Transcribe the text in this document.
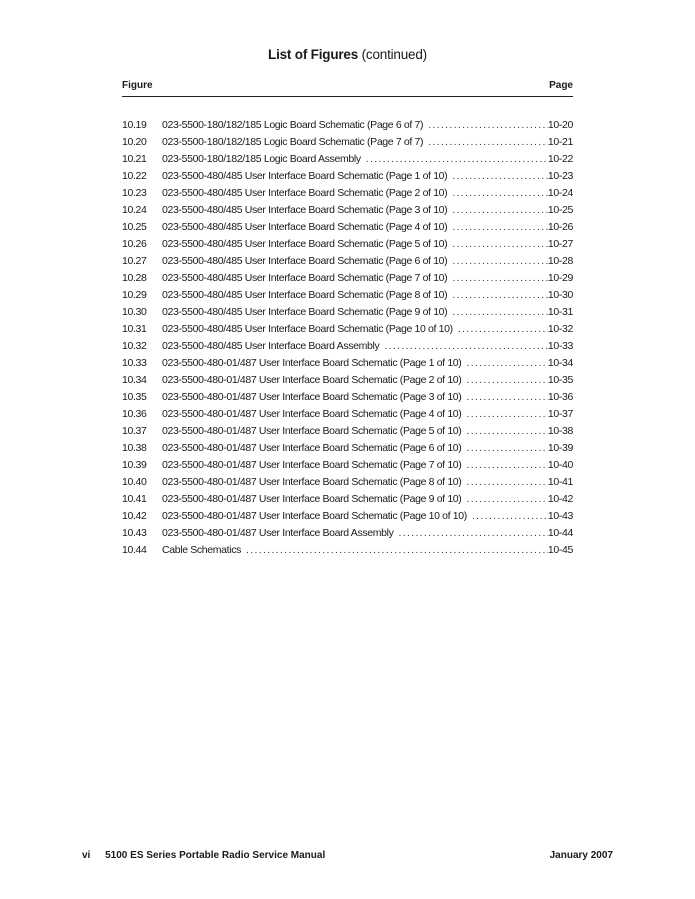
List of Figures (continued)
Figure	Page
10.19	023-5500-180/182/185 Logic Board Schematic (Page 6 of 7) . . .	10-20
10.20	023-5500-180/182/185 Logic Board Schematic (Page 7 of 7) . . .	10-21
10.21	023-5500-180/182/185 Logic Board Assembly . . .	10-22
10.22	023-5500-480/485 User Interface Board Schematic (Page 1 of 10) . . .	10-23
10.23	023-5500-480/485 User Interface Board Schematic (Page 2 of 10) . . .	10-24
10.24	023-5500-480/485 User Interface Board Schematic (Page 3 of 10) . . .	10-25
10.25	023-5500-480/485 User Interface Board Schematic (Page 4 of 10) . . .	10-26
10.26	023-5500-480/485 User Interface Board Schematic (Page 5 of 10) . . .	10-27
10.27	023-5500-480/485 User Interface Board Schematic (Page 6 of 10) . . .	10-28
10.28	023-5500-480/485 User Interface Board Schematic (Page 7 of 10) . . .	10-29
10.29	023-5500-480/485 User Interface Board Schematic (Page 8 of 10) . . .	10-30
10.30	023-5500-480/485 User Interface Board Schematic (Page 9 of 10) . . .	10-31
10.31	023-5500-480/485 User Interface Board Schematic (Page 10 of 10) . . .	10-32
10.32	023-5500-480/485 User Interface Board Assembly . . .	10-33
10.33	023-5500-480-01/487 User Interface Board Schematic (Page 1 of 10) . . .	10-34
10.34	023-5500-480-01/487 User Interface Board Schematic (Page 2 of 10) . . .	10-35
10.35	023-5500-480-01/487 User Interface Board Schematic (Page 3 of 10) . . .	10-36
10.36	023-5500-480-01/487 User Interface Board Schematic (Page 4 of 10) . . .	10-37
10.37	023-5500-480-01/487 User Interface Board Schematic (Page 5 of 10) . . .	10-38
10.38	023-5500-480-01/487 User Interface Board Schematic (Page 6 of 10) . . .	10-39
10.39	023-5500-480-01/487 User Interface Board Schematic (Page 7 of 10) . . .	10-40
10.40	023-5500-480-01/487 User Interface Board Schematic (Page 8 of 10) . . .	10-41
10.41	023-5500-480-01/487 User Interface Board Schematic (Page 9 of 10) . . .	10-42
10.42	023-5500-480-01/487 User Interface Board Schematic (Page 10 of 10) . . .	10-43
10.43	023-5500-480-01/487 User Interface Board Assembly . . .	10-44
10.44	Cable Schematics . . .	10-45
vi 5100 ES Series Portable Radio Service Manual	January 2007
